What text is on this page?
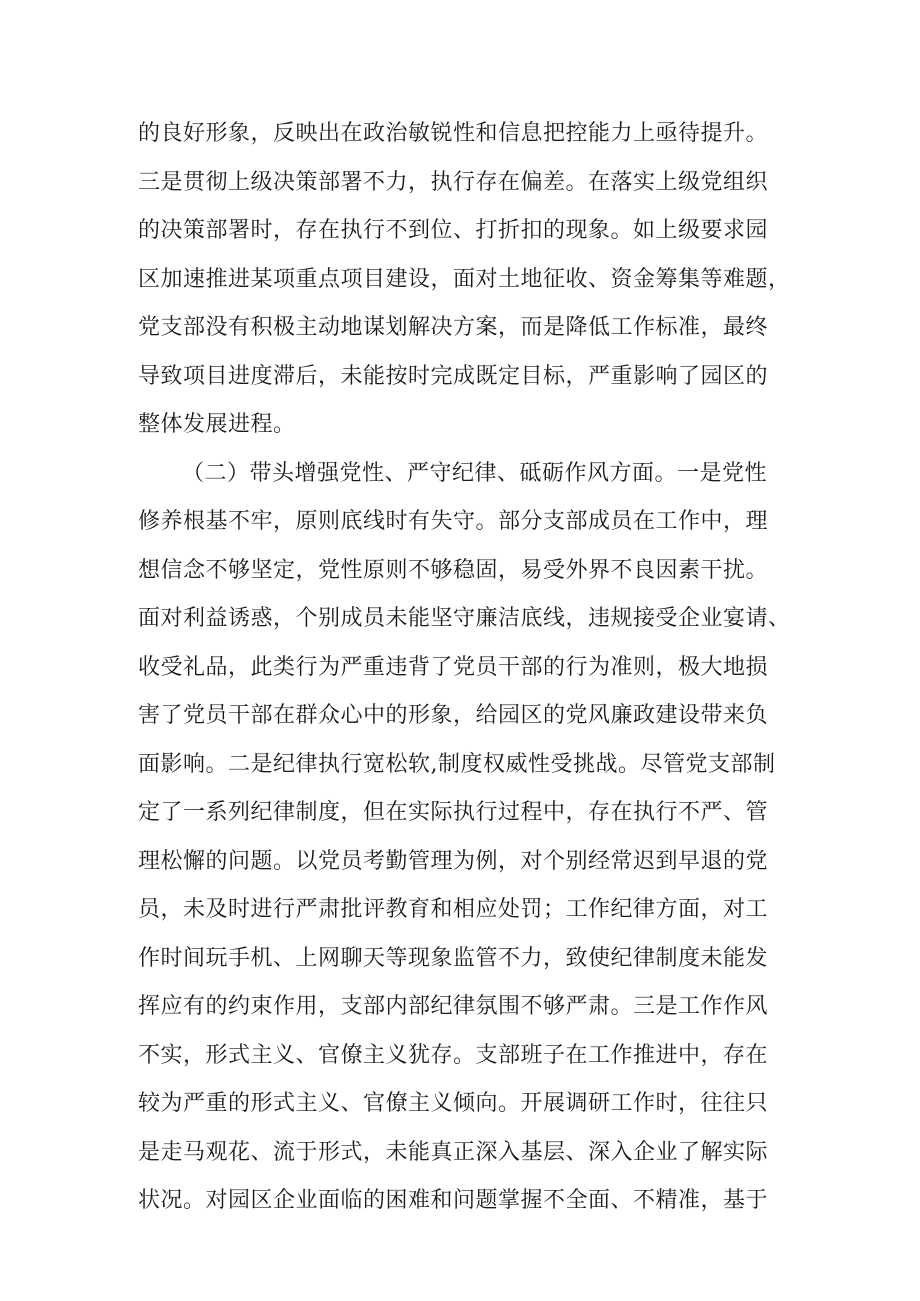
的良好形象，反映出在政治敏锐性和信息把控能力上亟待提升。
三是贯彻上级决策部署不力，执行存在偏差。在落实上级党组织
的决策部署时，存在执行不到位、打折扣的现象。如上级要求园
区加速推进某项重点项目建设，面对土地征收、资金筹集等难题，
党支部没有积极主动地谋划解决方案，而是降低工作标准，最终
导致项目进度滞后，未能按时完成既定目标，严重影响了园区的
整体发展进程。
（二）带头增强党性、严守纪律、砥砺作风方面。一是党性
修养根基不牢，原则底线时有失守。部分支部成员在工作中，理
想信念不够坚定，党性原则不够稳固，易受外界不良因素干扰。
面对利益诱惑，个别成员未能坚守廉洁底线，违规接受企业宴请、
收受礼品，此类行为严重违背了党员干部的行为准则，极大地损
害了党员干部在群众心中的形象，给园区的党风廉政建设带来负
面影响。二是纪律执行宽松软,制度权威性受挑战。尽管党支部制
定了一系列纪律制度，但在实际执行过程中，存在执行不严、管
理松懈的问题。以党员考勤管理为例，对个别经常迟到早退的党
员，未及时进行严肃批评教育和相应处罚；工作纪律方面，对工
作时间玩手机、上网聊天等现象监管不力，致使纪律制度未能发
挥应有的约束作用，支部内部纪律氛围不够严肃。三是工作作风
不实，形式主义、官僚主义犹存。支部班子在工作推进中，存在
较为严重的形式主义、官僚主义倾向。开展调研工作时，往往只
是走马观花、流于形式，未能真正深入基层、深入企业了解实际
状况。对园区企业面临的困难和问题掌握不全面、不精准，基于
